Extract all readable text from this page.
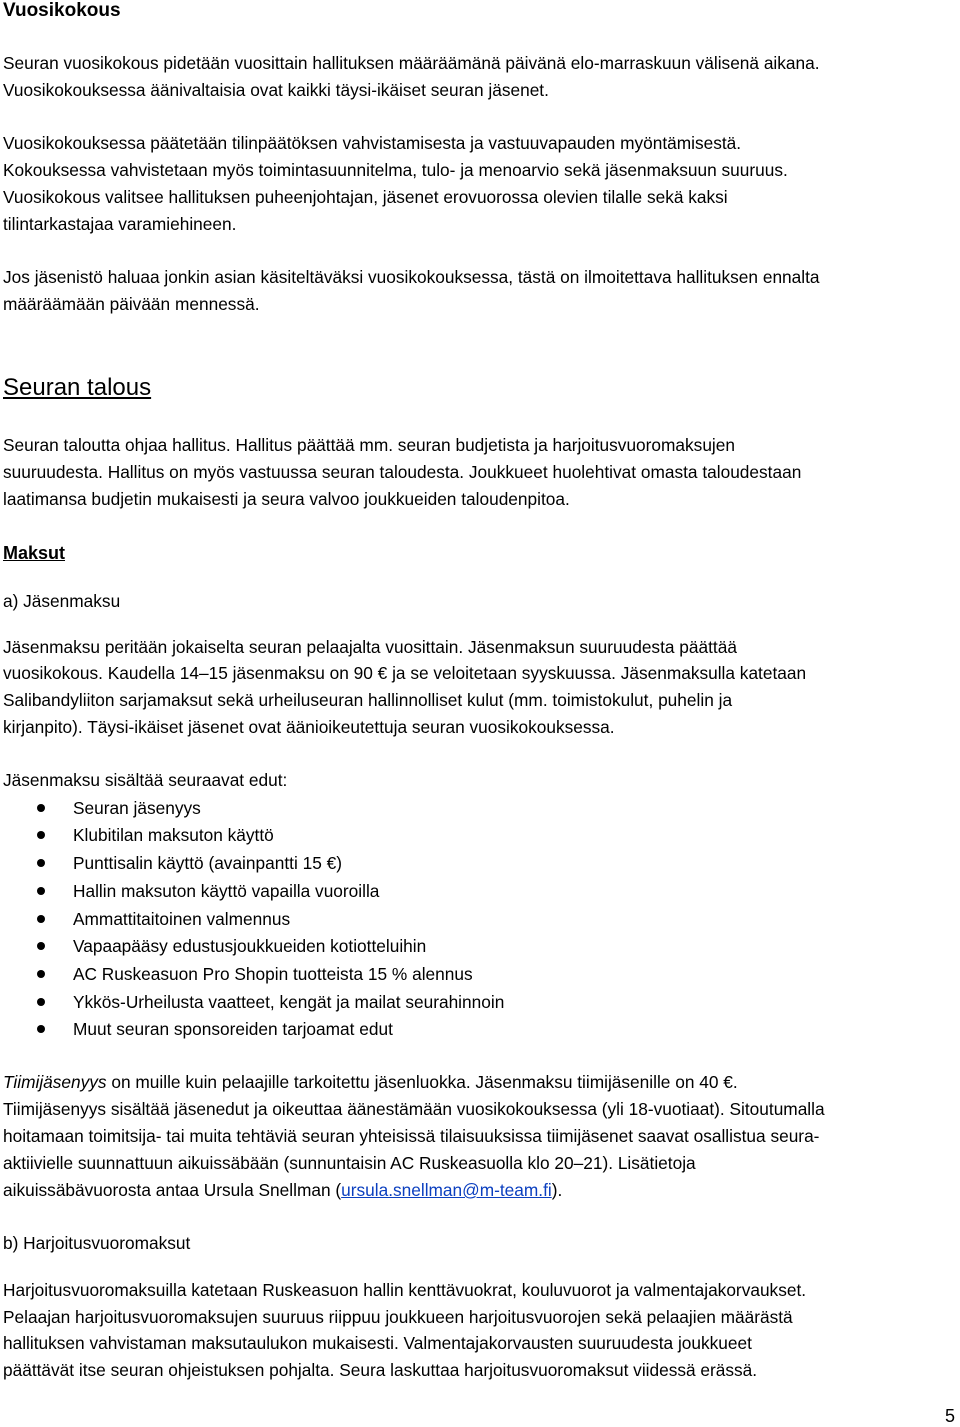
Vuosikokous
Seuran vuosikokous pidetään vuosittain hallituksen määräämänä päivänä elo-marraskuun välisenä aikana.
Vuosikokouksessa äänivaltaisia ovat kaikki täysi-ikäiset seuran jäsenet.
Vuosikokouksessa päätetään tilinpäätöksen vahvistamisesta ja vastuuvapauden myöntämisestä.
Kokouksessa vahvistetaan myös toimintasuunnitelma, tulo- ja menoarvio sekä jäsenmaksuun suuruus.
Vuosikokous valitsee hallituksen puheenjohtajan, jäsenet erovuorossa olevien tilalle sekä kaksi
tilintarkastajaa varamiehineen.
Jos jäsenistö haluaa jonkin asian käsiteltäväksi vuosikokouksessa, tästä on ilmoitettava hallituksen ennalta
määräämään päivään mennessä.
Seuran talous
Seuran taloutta ohjaa hallitus. Hallitus päättää mm. seuran budjetista ja harjoitusvuoromaksujen
suuruudesta. Hallitus on myös vastuussa seuran taloudesta. Joukkueet huolehtivat omasta taloudestaan
laatimansa budjetin mukaisesti ja seura valvoo joukkueiden taloudenpitoa.
Maksut
a) Jäsenmaksu
Jäsenmaksu peritään jokaiselta seuran pelaajalta vuosittain. Jäsenmaksun suuruudesta päättää
vuosikokous. Kaudella 14–15 jäsenmaksu on 90 € ja se veloitetaan syyskuussa. Jäsenmaksulla katetaan
Salibandyliiton sarjamaksut sekä urheiluseuran hallinnolliset kulut (mm. toimistokulut, puhelin ja
kirjanpito). Täysi-ikäiset jäsenet ovat äänioikeutettuja seuran vuosikokouksessa.
Jäsenmaksu sisältää seuraavat edut:
Seuran jäsenyys
Klubitilan maksuton käyttö
Punttisalin käyttö (avainpantti 15 €)
Hallin maksuton käyttö vapailla vuoroilla
Ammattitaitoinen valmennus
Vapaapääsy edustusjoukkueiden kotiotteluihin
AC Ruskeasuon Pro Shopin tuotteista 15 % alennus
Ykkös-Urheilusta vaatteet, kengät ja mailat seurahinnoin
Muut seuran sponsoreiden tarjoamat edut
Tiimijäsenyys on muille kuin pelaajille tarkoitettu jäsenluokka. Jäsenmaksu tiimijäsenille on 40 €.
Tiimijäsenyys sisältää jäsenedut ja oikeuttaa äänestämään vuosikokouksessa (yli 18-vuotiaat). Sitoutumalla
hoitamaan toimitsija- tai muita tehtäviä seuran yhteisissä tilaisuuksissa tiimijäsenet saavat osallistua seura-
aktiivielle suunnattuun aikuissäbään (sunnuntaisin AC Ruskeasuolla klo 20–21). Lisätietoja
aikuissäbävuorosta antaa Ursula Snellman (ursula.snellman@m-team.fi).
b) Harjoitusvuoromaksut
Harjoitusvuoromaksuilla katetaan Ruskeasuon hallin kenttävuokrat, kouluvuorot ja valmentajakorvaukset.
Pelaajan harjoitusvuoromaksujen suuruus riippuu joukkueen harjoitusvuorojen sekä pelaajien määrästä
hallituksen vahvistaman maksutaulukon mukaisesti. Valmentajakorvausten suuruudesta joukkueet
päättävät itse seuran ohjeistuksen pohjalta. Seura laskuttaa harjoitusvuoromaksut viidessä erässä.
5
